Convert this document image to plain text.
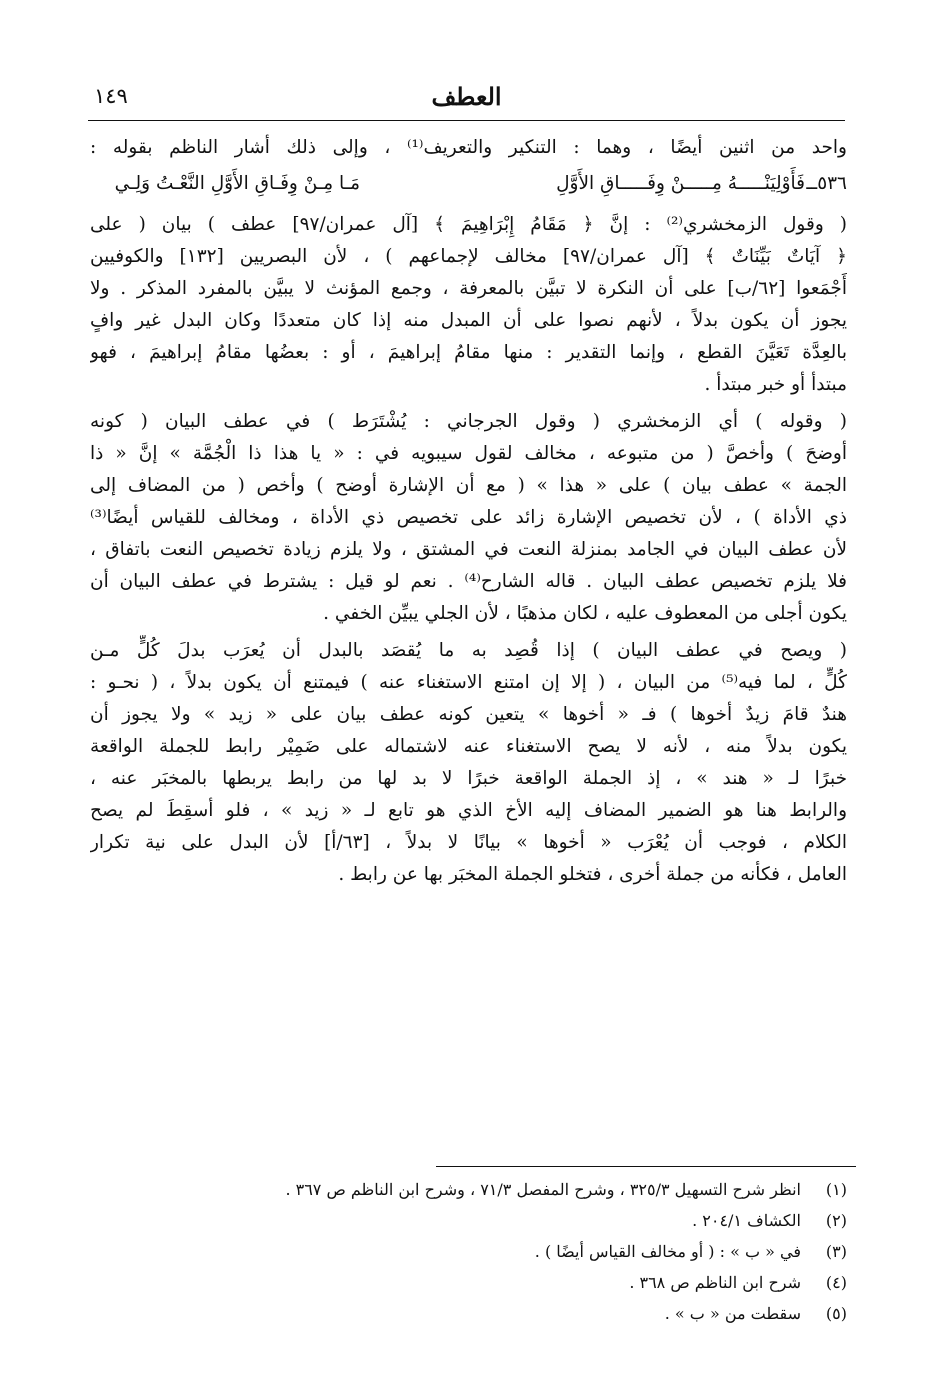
العطف
١٤٩
واحد من اثنين أيضًا ، وهما : التنكير والتعريف⁽¹⁾ ، وإلى ذلك أشار الناظم بقوله :
٥٣٦ــ
فَأَوْلِيَنْـــــهُ مِـــــنْ وِفَـــــاقِ الأَوَّلِ
مَـا مِـنْ وِفَـاقِ الأَوَّلِ النَّعْـتُ وَلِـي
( وقول الزمخشري⁽²⁾ : إنَّ ﴿ مَقَامُ إِبْرَاهِيمَ ﴾ [آل عمران/٩٧] عطف ) بيان ( على
﴿ آيَاتٌ بَيِّنَاتٌ ﴾ [آل عمران/٩٧] مخالف لإجماعهم ) ، لأن البصريين [١٣٢] والكوفيين
أَجْمَعوا [٦٢/ب] على أن النكرة لا تبيَّن بالمعرفة ، وجمع المؤنث لا يبيَّن بالمفرد المذكر . ولا
يجوز أن يكون بدلاً ، لأنهم نصوا على أن المبدل منه إذا كان متعددًا وكان البدل غير وافٍ
بالعِدَّة تَعَيَّنَ القطع ، وإنما التقدير : منها مقامُ إبراهيمَ ، أو : بعضُها مقامُ إبراهيمَ ، فهو
مبتدأ أو خبر مبتدأ .
( وقوله ) أي الزمخشري ( وقول الجرجاني : يُشْتَرَط ) في عطف البيان ( كونه
أوضحَ ) وأخصَّ ( من متبوعه ، مخالف لقول سيبويه في : « يا هذا ذا الْجُمَّة » إنَّ « ذا
الجمة » عطف بيان ) على « هذا » ( مع أن الإشارة أوضح ) وأخص ( من المضاف إلى
ذي الأداة ) ، لأن تخصيص الإشارة زائد على تخصيص ذي الأداة ، ومخالف للقياس أيضًا⁽³⁾
لأن عطف البيان في الجامد بمنزلة النعت في المشتق ، ولا يلزم زيادة تخصيص النعت باتفاق ،
فلا يلزم تخصيص عطف البيان . قاله الشارح⁽⁴⁾ . نعم لو قيل : يشترط في عطف البيان أن
يكون أجلى من المعطوف عليه ، لكان مذهبًا ، لأن الجلي يبيِّن الخفي .
( ويصح في عطف البيان ) إذا قُصِد به ما يُقصَد بالبدل أن يُعرَب بدلَ كُلٍّ مـن
كُلٍّ ، لما فيه⁽⁵⁾ من البيان ، ( إلا إن امتنع الاستغناء عنه ) فيمتنع أن يكون بدلاً ، ( نحـو :
هندٌ قامَ زيدٌ أخوها ) فـ « أخوها » يتعين كونه عطف بيان على « زيد » ولا يجوز أن
يكون بدلاً منه ، لأنه لا يصح الاستغناء عنه لاشتماله على ضَمِيْر رابط للجملة الواقعة
خبرًا لـ « هند » ، إذ الجملة الواقعة خبرًا لا بد لها من رابط يربطها بالمخبَر عنه ،
والرابط هنا هو الضمير المضاف إليه الأخ الذي هو تابع لـ « زيد » ، فلو أسقِطَ لم يصح
الكلام ، فوجب أن يُعْرَب « أخوها » بيانًا لا بدلاً ، [٦٣/أ] لأن البدل على نية تكرار
العامل ، فكأنه من جملة أخرى ، فتخلو الجملة المخبَر بها عن رابط .
(١)
انظر شرح التسهيل ٣٢٥/٣ ، وشرح المفصل ٧١/٣ ، وشرح ابن الناظم ص ٣٦٧ .
(٢)
الكشاف ٢٠٤/١ .
(٣)
في « ب » : ( أو مخالف القياس أيضًا ) .
(٤)
شرح ابن الناظم ص ٣٦٨ .
(٥)
سقطت من « ب » .
